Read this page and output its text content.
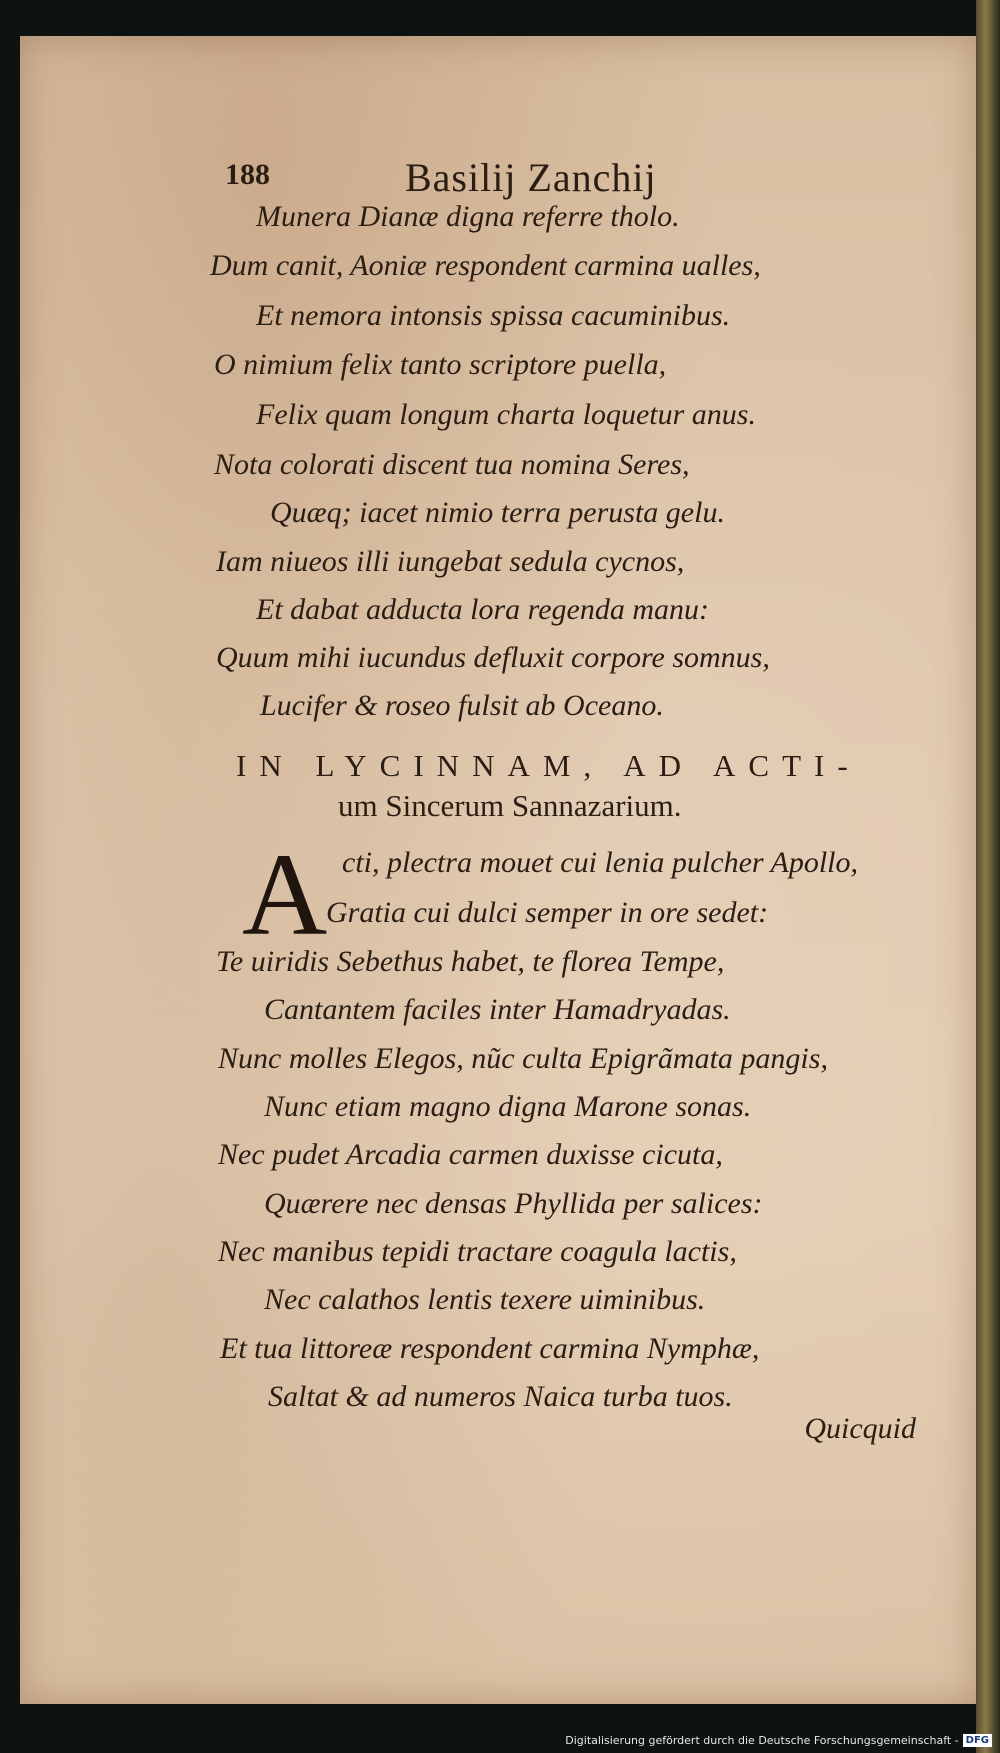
188	Basilij Zanchij
Munera Dianæ digna referre tholo.
Dum canit, Aoniæ respondent carmina ualles,
Et nemora intonsis spissa cacuminibus.
O nimium felix tanto scriptore puella,
Felix quam longum charta loquetur anus.
Nota colorati discent tua nomina Seres,
Quæq; iacet nimio terra perusta gelu.
Iam niueos illi iungebat sedula cycnos,
Et dabat adducta lora regenda manu:
Quum mihi iucundus defluxit corpore somnus,
Lucifer & roseo fulsit ab Oceano.
IN LYCINNAM, AD ACTI-
um Sincerum Sannazarium.
A cti, plectra mouet cui lenia pulcher Apollo,
Gratia cui dulci semper in ore sedet:
Te uiridis Sebethus habet, te florea Tempe,
Cantantem faciles inter Hamadryadas.
Nunc molles Elegos, nũc culta Epigrãmata pangis,
Nunc etiam magno digna Marone sonas.
Nec pudet Arcadia carmen duxisse cicuta,
Quærere nec densas Phyllida per salices:
Nec manibus tepidi tractare coagula lactis,
Nec calathos lentis texere uiminibus.
Et tua littoreæ respondent carmina Nymphæ,
Saltat & ad numeros Naica turba tuos.
Quicquid
Digitalisierung gefördert durch die Deutsche Forschungsgemeinschaft - DFG
